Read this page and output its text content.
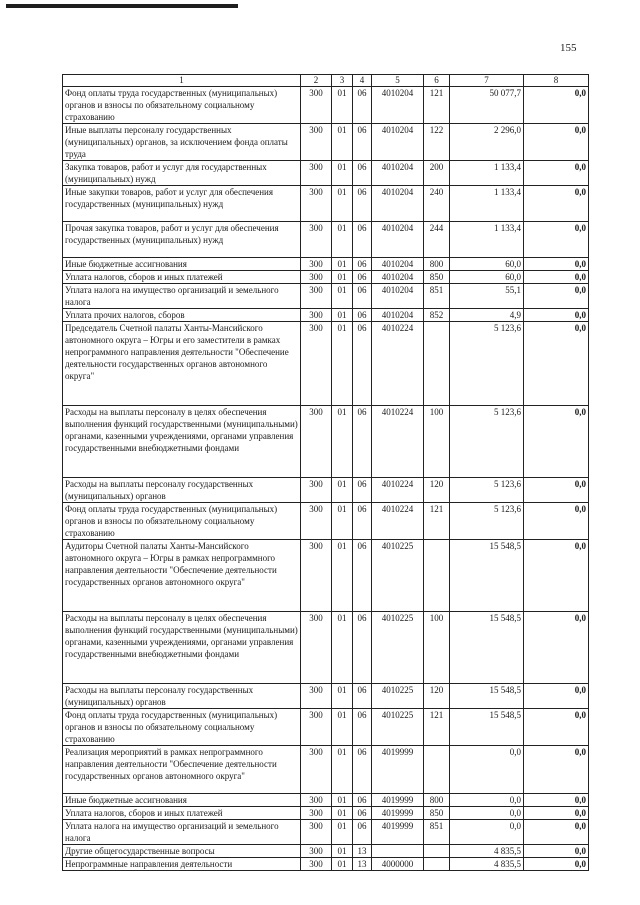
155
1	2	3	4	5	6	7	8
Фонд оплаты труда государственных (муниципальных) органов и взносы по обязательному социальному страхованию	300	01	06	4010204	121	50 077,7	0,0
Иные выплаты персоналу государственных (муниципальных) органов, за исключением фонда оплаты труда	300	01	06	4010204	122	2 296,0	0,0
Закупка товаров, работ и услуг для государственных (муниципальных) нужд	300	01	06	4010204	200	1 133,4	0,0
Иные закупки товаров, работ и услуг для обеспечения государственных (муниципальных) нужд	300	01	06	4010204	240	1 133,4	0,0
Прочая закупка товаров, работ и услуг для обеспечения государственных (муниципальных) нужд	300	01	06	4010204	244	1 133,4	0,0
Иные бюджетные ассигнования	300	01	06	4010204	800	60,0	0,0
Уплата налогов, сборов и иных платежей	300	01	06	4010204	850	60,0	0,0
Уплата налога на имущество организаций и земельного налога	300	01	06	4010204	851	55,1	0,0
Уплата прочих налогов, сборов	300	01	06	4010204	852	4,9	0,0
Председатель Счетной палаты Ханты-Мансийского автономного округа – Югры и его заместители в рамках непрограммного направления деятельности "Обеспечение деятельности государственных органов автономного округа"	300	01	06	4010224		5 123,6	0,0
Расходы на выплаты персоналу в целях обеспечения выполнения функций государственными (муниципальными) органами, казенными учреждениями, органами управления государственными внебюджетными фондами	300	01	06	4010224	100	5 123,6	0,0
Расходы на выплаты персоналу государственных (муниципальных) органов	300	01	06	4010224	120	5 123,6	0,0
Фонд оплаты труда государственных (муниципальных) органов и взносы по обязательному социальному страхованию	300	01	06	4010224	121	5 123,6	0,0
Аудиторы Счетной палаты Ханты-Мансийского автономного округа – Югры в рамках непрограммного направления деятельности "Обеспечение деятельности государственных органов автономного округа"	300	01	06	4010225		15 548,5	0,0
Расходы на выплаты персоналу в целях обеспечения выполнения функций государственными (муниципальными) органами, казенными учреждениями, органами управления государственными внебюджетными фондами	300	01	06	4010225	100	15 548,5	0,0
Расходы на выплаты персоналу государственных (муниципальных) органов	300	01	06	4010225	120	15 548,5	0,0
Фонд оплаты труда государственных (муниципальных) органов и взносы по обязательному социальному страхованию	300	01	06	4010225	121	15 548,5	0,0
Реализация мероприятий в рамках непрограммного направления деятельности "Обеспечение деятельности государственных органов автономного округа"	300	01	06	4019999		0,0	0,0
Иные бюджетные ассигнования	300	01	06	4019999	800	0,0	0,0
Уплата налогов, сборов и иных платежей	300	01	06	4019999	850	0,0	0,0
Уплата налога на имущество организаций и земельного налога	300	01	06	4019999	851	0,0	0,0
Другие общегосударственные вопросы	300	01	13			4 835,5	0,0
Непрограммные направления деятельности	300	01	13	4000000		4 835,5	0,0
